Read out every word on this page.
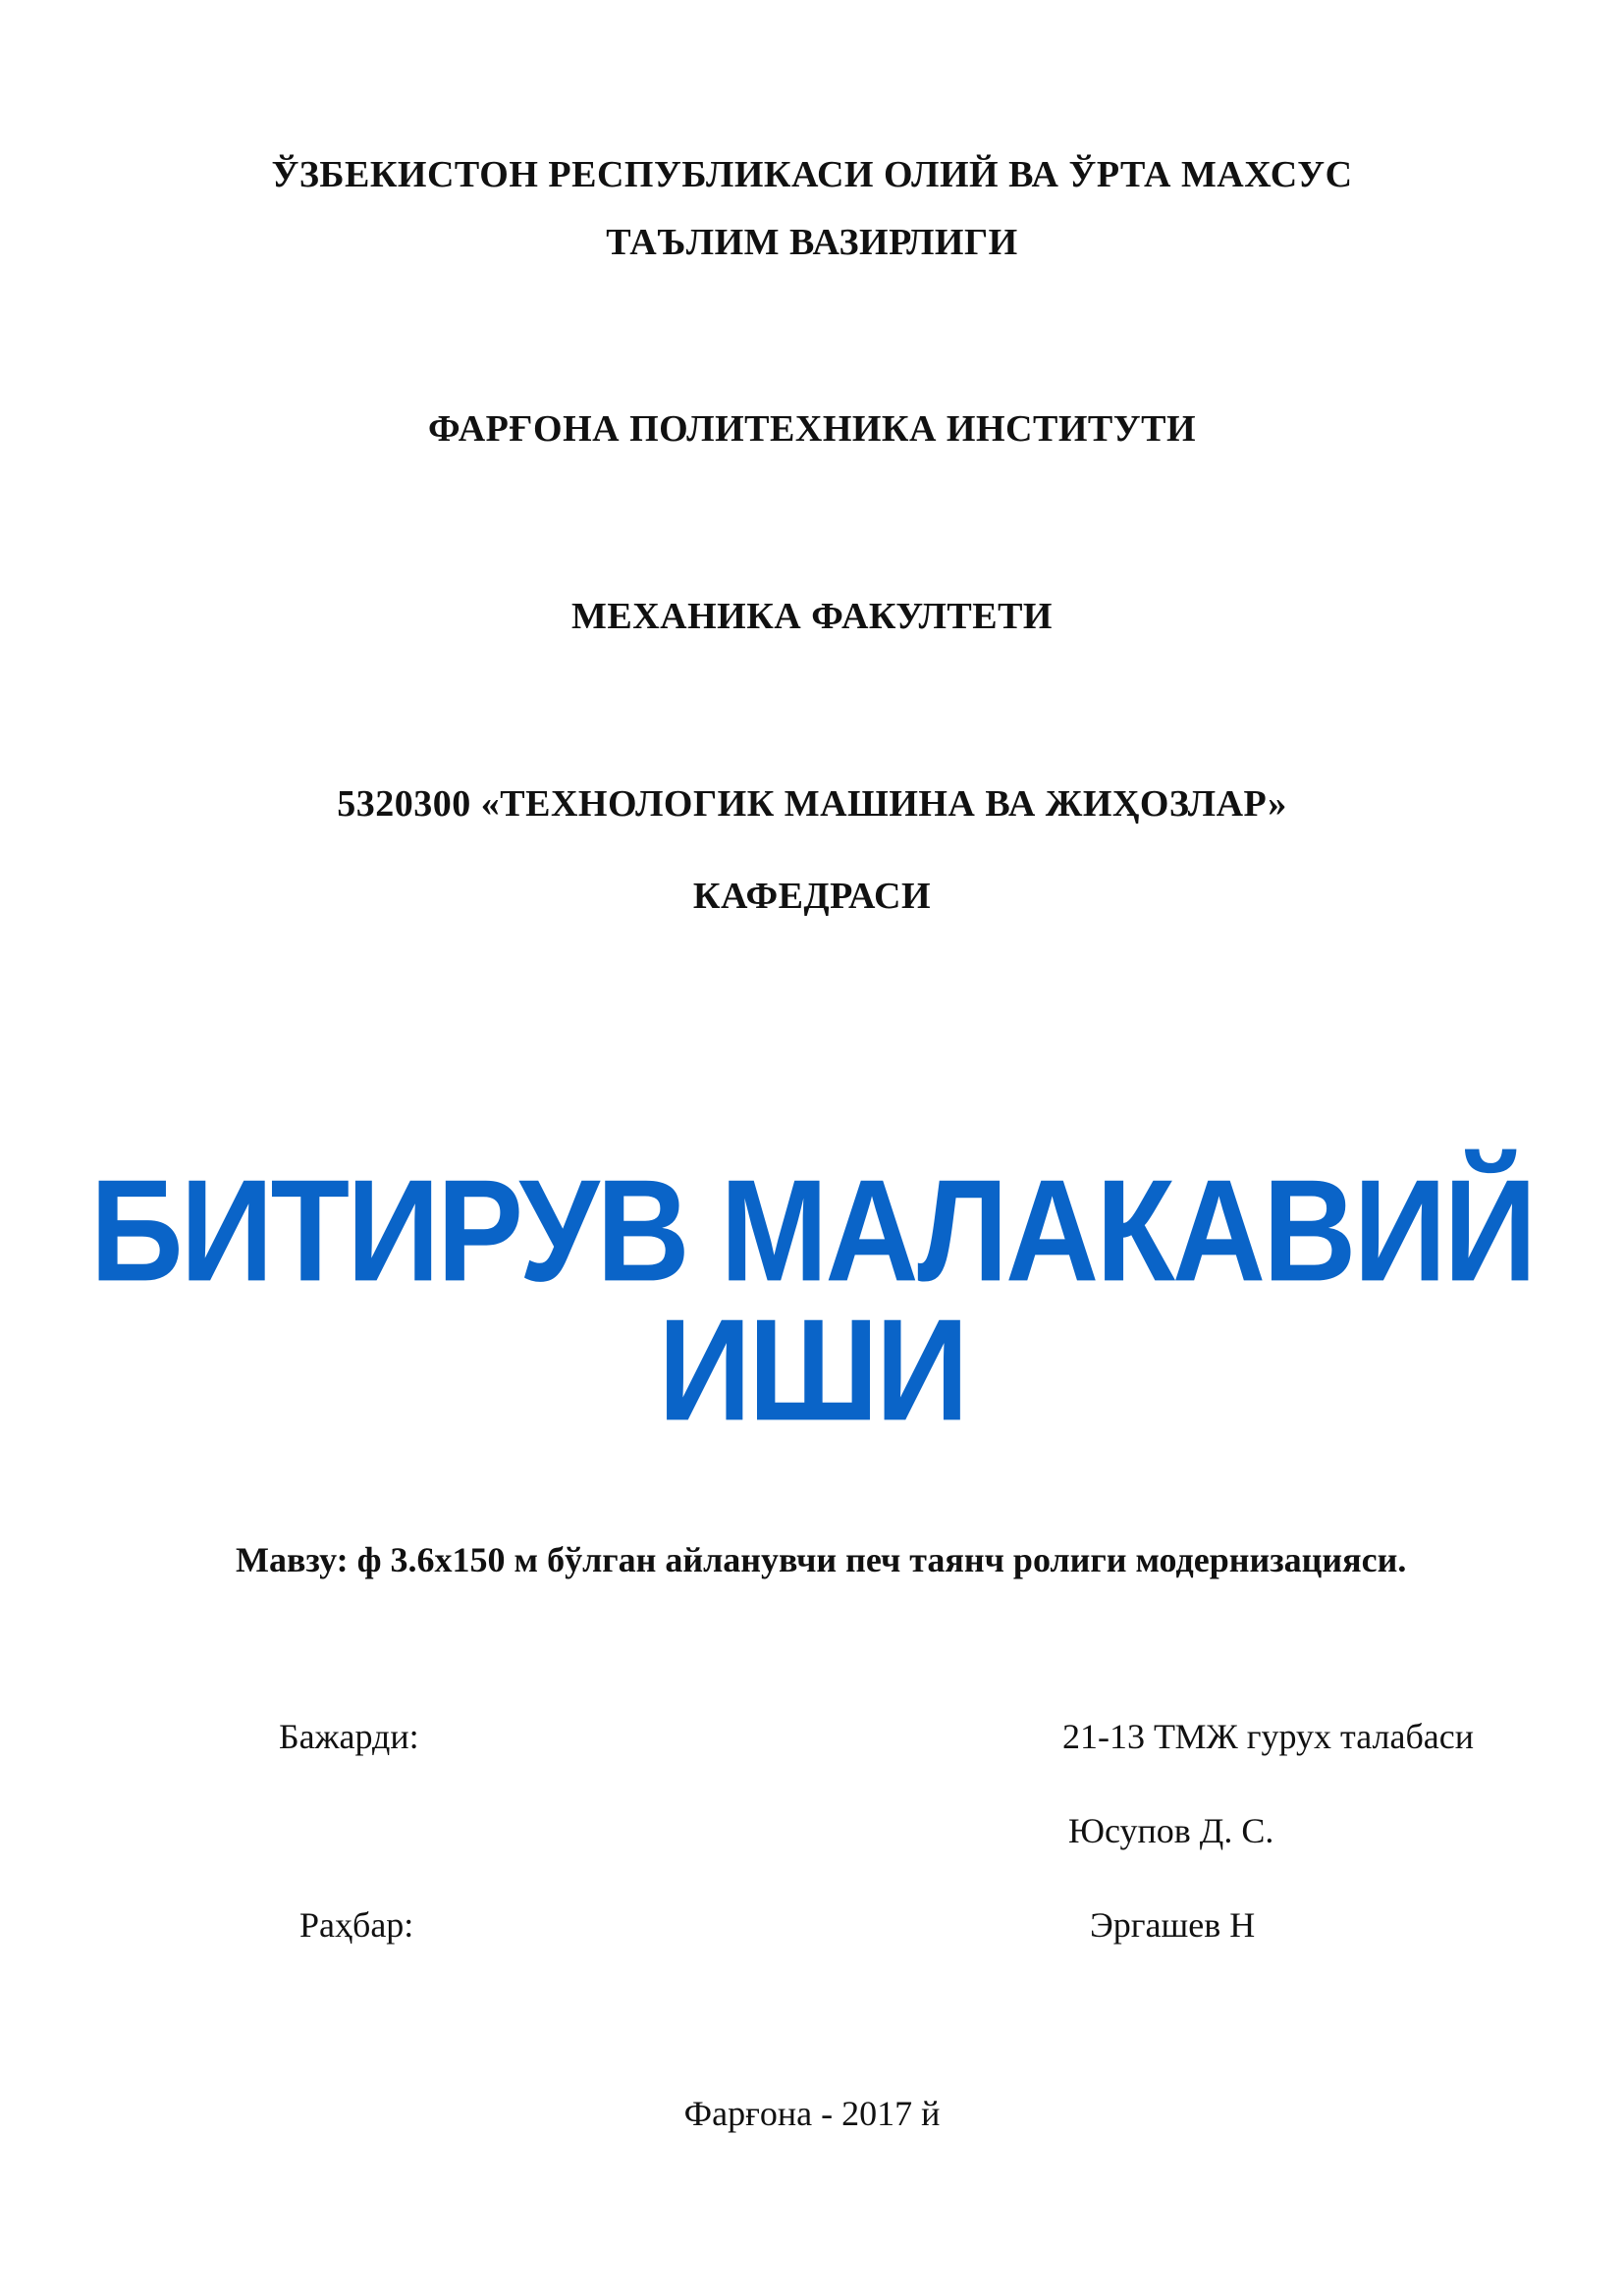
ЎЗБЕКИСТОН РЕСПУБЛИКАСИ ОЛИЙ ВА ЎРТА МАХСУС
ТАЪЛИМ ВАЗИРЛИГИ
ФАРҒОНА ПОЛИТЕХНИКА ИНСТИТУТИ
МЕХАНИКА ФАКУЛТЕТИ
5320300 «ТЕХНОЛОГИК МАШИНА ВА ЖИҲОЗЛАР»
КАФЕДРАСИ
БИТИРУВ МАЛАКАВИЙ
ИШИ
Мавзу: ф 3.6х150 м бўлган айланувчи печ таянч ролиги модернизацияси.
Бажарди:	21-13 ТМЖ гурух талабаси
Юсупов Д. С.
Раҳбар:	Эргашев Н
Фарғона - 2017 й
